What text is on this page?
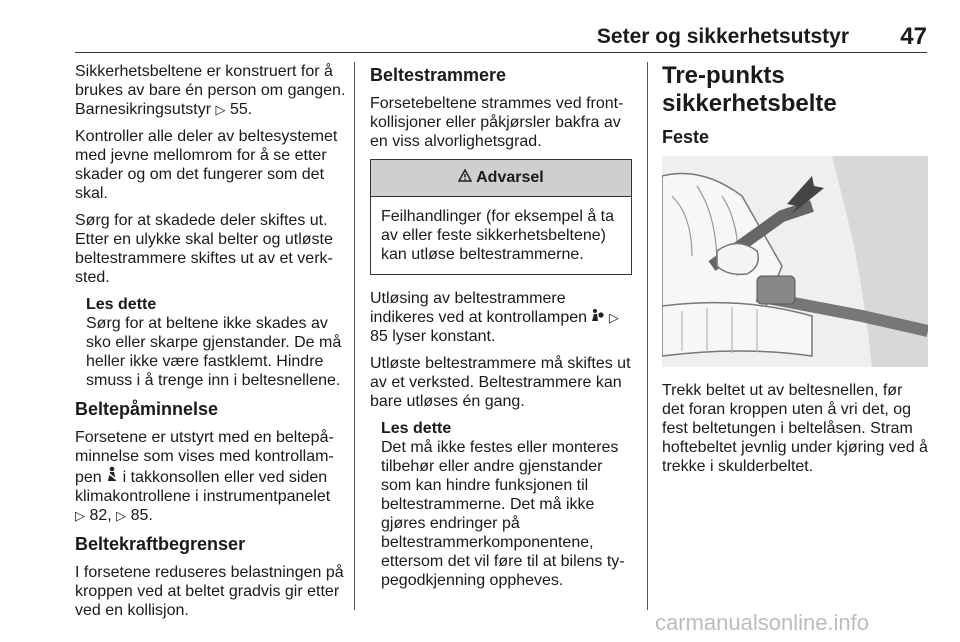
Seter og sikkerhetsutstyr 47

Sikkerhetsbeltene er konstruert for å brukes av bare én person om gangen. Barnesikringsutstyr ▷ 55.

Kontroller alle deler av beltesystemet med jevne mellomrom for å se etter skader og om det fungerer som det skal.

Sørg for at skadede deler skiftes ut. Etter en ulykke skal belter og utløste beltestrammere skiftes ut av et verksted.

Les dette
Sørg for at beltene ikke skades av sko eller skarpe gjenstander. De må heller ikke være fastklemt. Hindre smuss i å trenge inn i beltesnellene.
Beltepåminnelse

Forsetene er utstyrt med en beltepåminnelse som vises med kontrollampen i takkonsollen eller ved siden klimakontrollene i instrumentpanelet
▷ 82, ▷ 85.

Beltekraftbegrenser

I forsetene reduseres belastningen på kroppen ved at beltet gradvis gir etter ved en kollisjon.

Beltestrammere

Forsetebeltene strammes ved frontkollisjoner eller påkjørsler bakfra av en viss alvorlighetsgrad.

Advarsel
Feilhandlinger (for eksempel å ta av eller feste sikkerhetsbeltene) kan utløse beltestrammerne.

Utløsing av beltestrammere indikeres ved at kontrollampen ▷ 85 lyser konstant.

Utløste beltestrammere må skiftes ut av et verksted. Beltestrammere kan bare utløses én gang.

Les dette
Det må ikke festes eller monteres tilbehør eller andre gjenstander som kan hindre funksjonen til beltestrammerne. Det må ikke gjøres endringer på beltestrammerkomponentene, ettersom det vil føre til at bilens typegodkjenning oppheves.
Tre-punkts sikkerhetsbelte
Feste

Trekk beltet ut av beltesnellen, før det foran kroppen uten å vri det, og fest beltetungen i beltelåsen. Stram hoftebeltet jevnlig under kjøring ved å trekke i skulderbeltet.

carmanualsonline.info
